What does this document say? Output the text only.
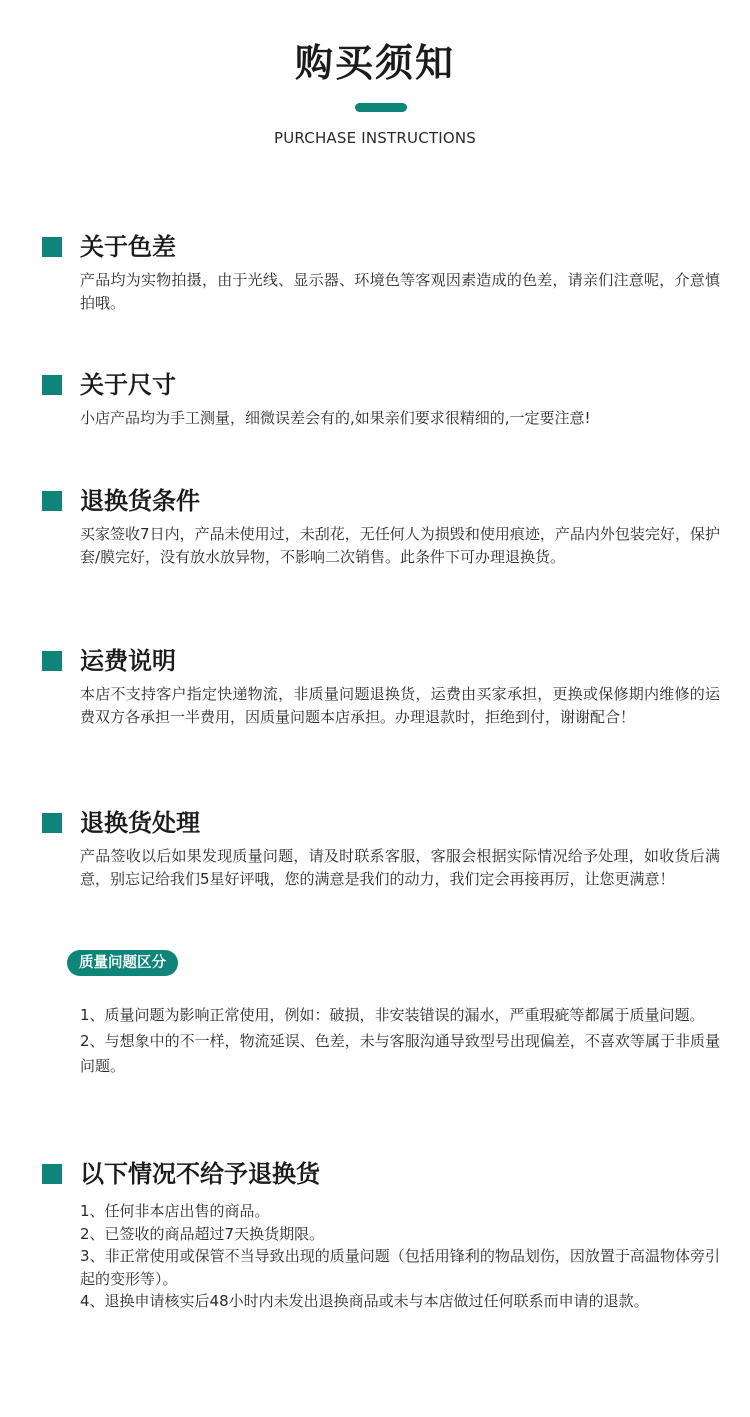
购买须知
PURCHASE INSTRUCTIONS
关于色差
产品均为实物拍摄，由于光线、显示器、环境色等客观因素造成的色差，请亲们注意呢，介意慎拍哦。
关于尺寸
小店产品均为手工测量，细微误差会有的,如果亲们要求很精细的,一定要注意!
退换货条件
买家签收7日内，产品未使用过，未刮花，无任何人为损毁和使用痕迹，产品内外包装完好，保护套/膜完好，没有放水放异物，不影响二次销售。此条件下可办理退换货。
运费说明
本店不支持客户指定快递物流，非质量问题退换货，运费由买家承担，更换或保修期内维修的运费双方各承担一半费用，因质量问题本店承担。办理退款时，拒绝到付，谢谢配合！
退换货处理
产品签收以后如果发现质量问题，请及时联系客服，客服会根据实际情况给予处理，如收货后满意，别忘记给我们5星好评哦，您的满意是我们的动力，我们定会再接再厉，让您更满意！
质量问题区分

1、质量问题为影响正常使用，例如：破损，非安装错误的漏水，严重瑕疵等都属于质量问题。

2、与想象中的不一样，物流延误、色差，未与客服沟通导致型号出现偏差，不喜欢等属于非质量问题。

以下情况不给予退换货

1、任何非本店出售的商品。

2、已签收的商品超过7天换货期限。

3、非正常使用或保管不当导致出现的质量问题（包括用锋利的物品划伤，因放置于高温物体旁引起的变形等）。

4、退换申请核实后48小时内未发出退换商品或未与本店做过任何联系而申请的退款。
